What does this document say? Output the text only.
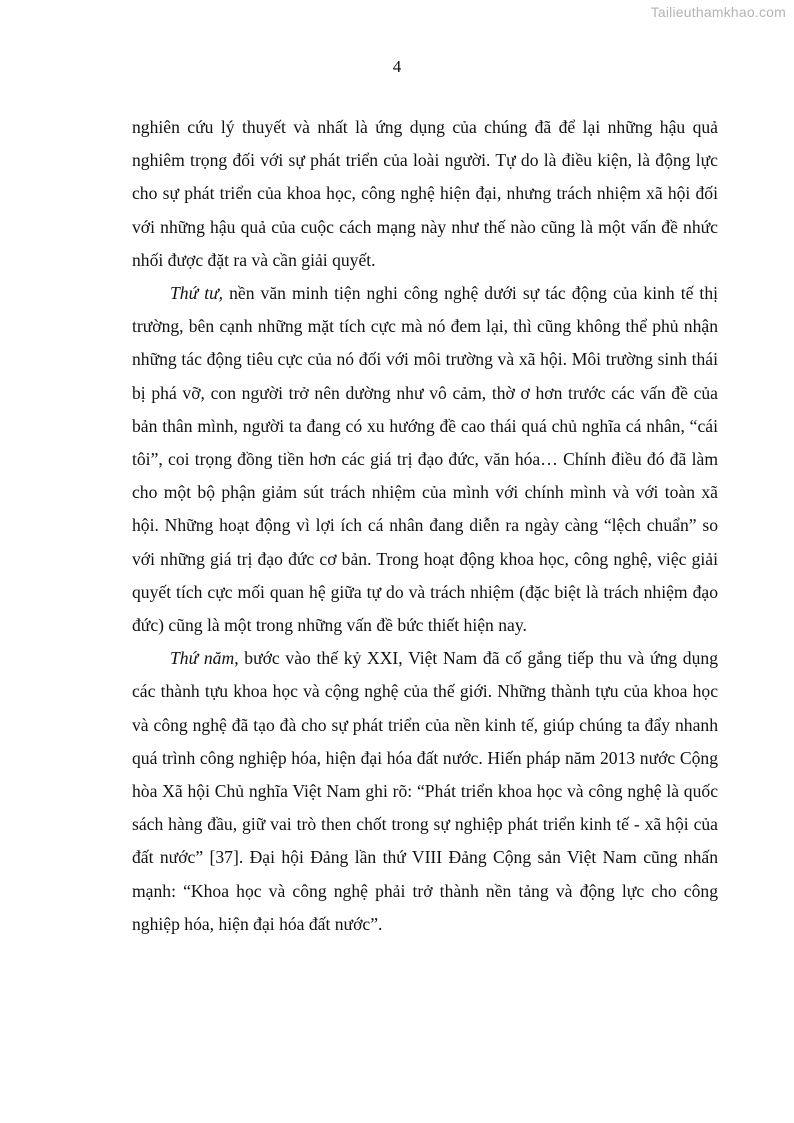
Tailieuthamkhao.com
4

nghiên cứu lý thuyết và nhất là ứng dụng của chúng đã để lại những hậu quả nghiêm trọng đối với sự phát triển của loài người. Tự do là điều kiện, là động lực cho sự phát triển của khoa học, công nghệ hiện đại, nhưng trách nhiệm xã hội đối với những hậu quả của cuộc cách mạng này như thế nào cũng là một vấn đề nhức nhối được đặt ra và cần giải quyết.

Thứ tư, nền văn minh tiện nghi công nghệ dưới sự tác động của kinh tế thị trường, bên cạnh những mặt tích cực mà nó đem lại, thì cũng không thể phủ nhận những tác động tiêu cực của nó đối với môi trường và xã hội. Môi trường sinh thái bị phá vỡ, con người trở nên dường như vô cảm, thờ ơ hơn trước các vấn đề của bản thân mình, người ta đang có xu hướng đề cao thái quá chủ nghĩa cá nhân, “cái tôi”, coi trọng đồng tiền hơn các giá trị đạo đức, văn hóa… Chính điều đó đã làm cho một bộ phận giảm sút trách nhiệm của mình với chính mình và với toàn xã hội. Những hoạt động vì lợi ích cá nhân đang diễn ra ngày càng “lệch chuẩn” so với những giá trị đạo đức cơ bản. Trong hoạt động khoa học, công nghệ, việc giải quyết tích cực mối quan hệ giữa tự do và trách nhiệm (đặc biệt là trách nhiệm đạo đức) cũng là một trong những vấn đề bức thiết hiện nay.

Thứ năm, bước vào thế kỷ XXI, Việt Nam đã cố gắng tiếp thu và ứng dụng các thành tựu khoa học và cộng nghệ của thế giới. Những thành tựu của khoa học và công nghệ đã tạo đà cho sự phát triển của nền kinh tế, giúp chúng ta đẩy nhanh quá trình công nghiệp hóa, hiện đại hóa đất nước. Hiến pháp năm 2013 nước Cộng hòa Xã hội Chủ nghĩa Việt Nam ghi rõ: “Phát triển khoa học và công nghệ là quốc sách hàng đầu, giữ vai trò then chốt trong sự nghiệp phát triển kinh tế - xã hội của đất nước” [37]. Đại hội Đảng lần thứ VIII Đảng Cộng sản Việt Nam cũng nhấn mạnh: “Khoa học và công nghệ phải trở thành nền tảng và động lực cho công nghiệp hóa, hiện đại hóa đất nước”.
